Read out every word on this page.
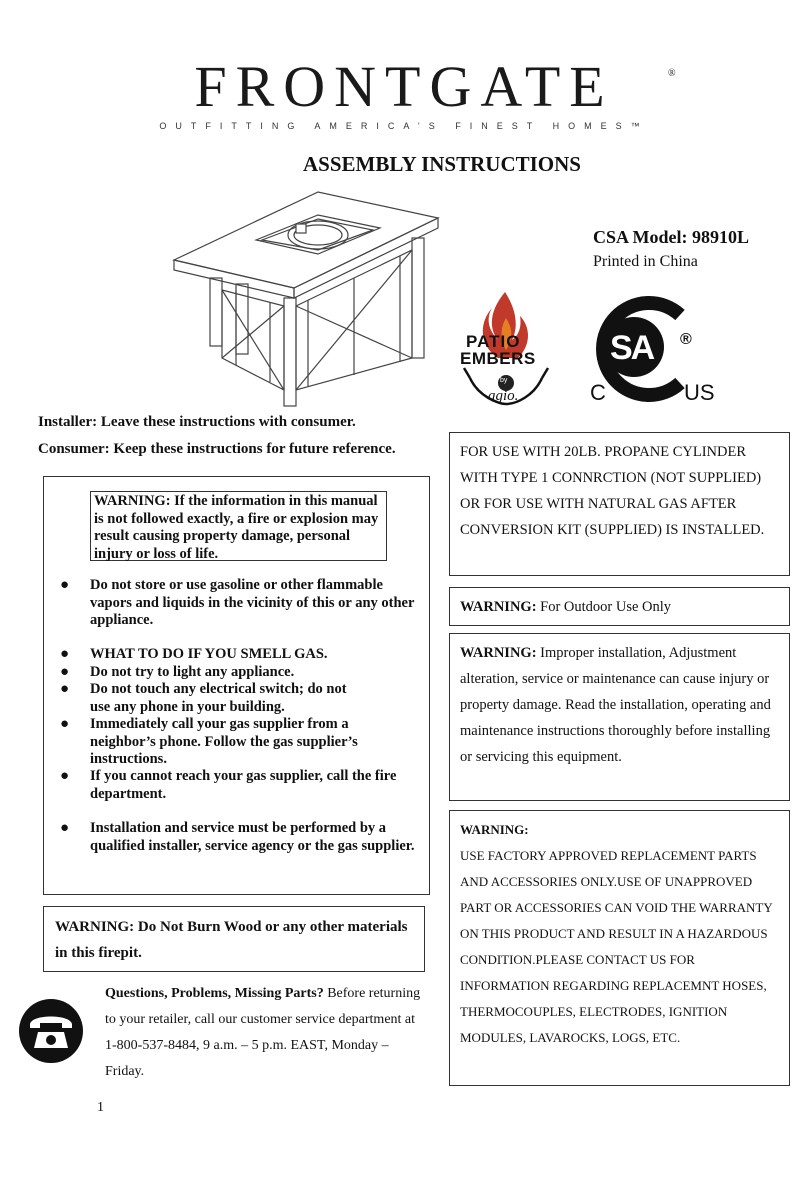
FRONTGATE	®
OUTFITTING AMERICA’S FINEST HOMES™
ASSEMBLY INSTRUCTIONS
CSA Model: 98910L
Printed in China
PATIO
EMBERS
by
agio.
SA ®
C	US
Installer: Leave these instructions with consumer.
Consumer: Keep these instructions for future reference.
WARNING: If the information in this manual is not followed exactly, a fire or explosion may result causing property damage, personal injury or loss of life.
● Do not store or use gasoline or other flammable vapors and liquids in the vicinity of this or any other appliance.
● WHAT TO DO IF YOU SMELL GAS.
● Do not try to light any appliance.
● Do not touch any electrical switch; do not use any phone in your building.
● Immediately call your gas supplier from a neighbor’s phone. Follow the gas supplier’s instructions.
● If you cannot reach your gas supplier, call the fire department.
● Installation and service must be performed by a qualified installer, service agency or the gas supplier.
WARNING: Do Not Burn Wood or any other materials in this firepit.
Questions, Problems, Missing Parts? Before returning to your retailer, call our customer service department at 1-800-537-8484, 9 a.m. – 5 p.m. EAST, Monday – Friday.
FOR USE WITH 20LB. PROPANE CYLINDER WITH TYPE 1 CONNRCTION (NOT SUPPLIED) OR FOR USE WITH NATURAL GAS AFTER CONVERSION KIT (SUPPLIED) IS INSTALLED.
WARNING: For Outdoor Use Only
WARNING: Improper installation, Adjustment alteration, service or maintenance can cause injury or property damage. Read the installation, operating and maintenance instructions thoroughly before installing or servicing this equipment.
WARNING:
USE FACTORY APPROVED REPLACEMENT PARTS AND ACCESSORIES ONLY.USE OF UNAPPROVED PART OR ACCESSORIES CAN VOID THE WARRANTY ON THIS PRODUCT AND RESULT IN A HAZARDOUS CONDITION.PLEASE CONTACT US FOR INFORMATION REGARDING REPLACEMNT HOSES, THERMOCOUPLES, ELECTRODES, IGNITION MODULES, LAVAROCKS, LOGS, ETC.
1
